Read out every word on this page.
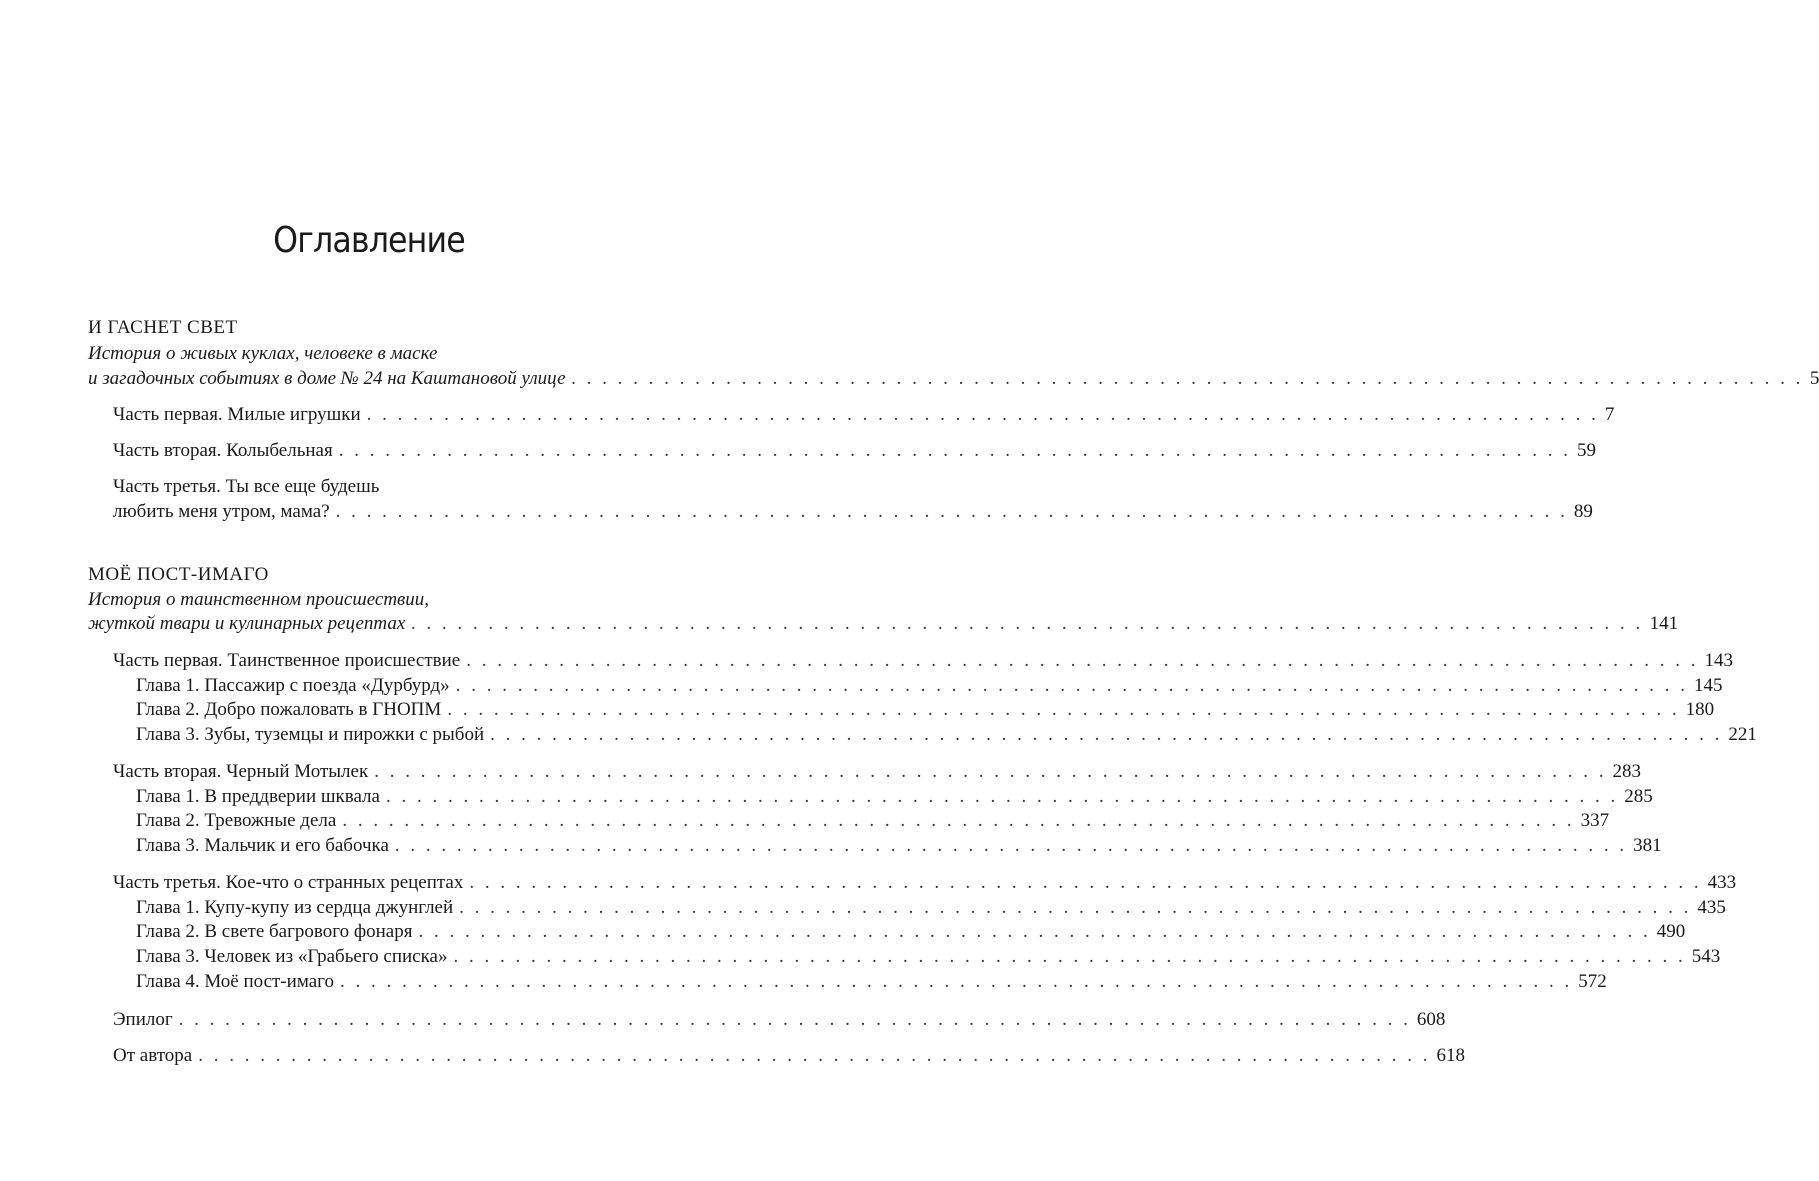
Оглавление
И ГАСНЕТ СВЕТ
История о живых куклах, человеке в маске
и загадочных событиях в доме № 24 на Каштановой улице . . . . . . . . . . . . . . . . . . . . . . . . . . . . . . . . . . . . . . . . . . . . . . . . . . . . . . . . . . . . . . . . . . . . . . . . . . . . . . . . 5
Часть первая. Милые игрушки . . . . . . . . . . . . . . . . . . . . . . . . . . . . . . . . . . . . . . . . . . . . . . . . . . . . . . . . . . . . . . . . . . . . . . . . . . . . . . . . 7
Часть вторая. Колыбельная . . . . . . . . . . . . . . . . . . . . . . . . . . . . . . . . . . . . . . . . . . . . . . . . . . . . . . . . . . . . . . . . . . . . . . . . . . . . . . . . 59
Часть третья. Ты все еще будешь
любить меня утром, мама? . . . . . . . . . . . . . . . . . . . . . . . . . . . . . . . . . . . . . . . . . . . . . . . . . . . . . . . . . . . . . . . . . . . . . . . . . . . . . . . . 89
МОЁ ПОСТ-ИМАГО
История о таинственном происшествии,
жуткой твари и кулинарных рецептах . . . . . . . . . . . . . . . . . . . . . . . . . . . . . . . . . . . . . . . . . . . . . . . . . . . . . . . . . . . . . . . . . . . . . . . . . . . . . . . . 141
Часть первая. Таинственное происшествие . . . . . . . . . . . . . . . . . . . . . . . . . . . . . . . . . . . . . . . . . . . . . . . . . . . . . . . . . . . . . . . . . . . . . . . . . . . . . . . . 143
Глава 1. Пассажир с поезда «Дурбурд» . . . . . . . . . . . . . . . . . . . . . . . . . . . . . . . . . . . . . . . . . . . . . . . . . . . . . . . . . . . . . . . . . . . . . . . . . . . . . . . . 145
Глава 2. Добро пожаловать в ГНОПМ . . . . . . . . . . . . . . . . . . . . . . . . . . . . . . . . . . . . . . . . . . . . . . . . . . . . . . . . . . . . . . . . . . . . . . . . . . . . . . . . 180
Глава 3. Зубы, туземцы и пирожки с рыбой . . . . . . . . . . . . . . . . . . . . . . . . . . . . . . . . . . . . . . . . . . . . . . . . . . . . . . . . . . . . . . . . . . . . . . . . . . . . . . . . 221
Часть вторая. Черный Мотылек . . . . . . . . . . . . . . . . . . . . . . . . . . . . . . . . . . . . . . . . . . . . . . . . . . . . . . . . . . . . . . . . . . . . . . . . . . . . . . . . 283
Глава 1. В преддверии шквала . . . . . . . . . . . . . . . . . . . . . . . . . . . . . . . . . . . . . . . . . . . . . . . . . . . . . . . . . . . . . . . . . . . . . . . . . . . . . . . . 285
Глава 2. Тревожные дела . . . . . . . . . . . . . . . . . . . . . . . . . . . . . . . . . . . . . . . . . . . . . . . . . . . . . . . . . . . . . . . . . . . . . . . . . . . . . . . . 337
Глава 3. Мальчик и его бабочка . . . . . . . . . . . . . . . . . . . . . . . . . . . . . . . . . . . . . . . . . . . . . . . . . . . . . . . . . . . . . . . . . . . . . . . . . . . . . . . . 381
Часть третья. Кое-что о странных рецептах . . . . . . . . . . . . . . . . . . . . . . . . . . . . . . . . . . . . . . . . . . . . . . . . . . . . . . . . . . . . . . . . . . . . . . . . . . . . . . . . 433
Глава 1. Купу-купу из сердца джунглей . . . . . . . . . . . . . . . . . . . . . . . . . . . . . . . . . . . . . . . . . . . . . . . . . . . . . . . . . . . . . . . . . . . . . . . . . . . . . . . . 435
Глава 2. В свете багрового фонаря . . . . . . . . . . . . . . . . . . . . . . . . . . . . . . . . . . . . . . . . . . . . . . . . . . . . . . . . . . . . . . . . . . . . . . . . . . . . . . . . 490
Глава 3. Человек из «Грабьего списка» . . . . . . . . . . . . . . . . . . . . . . . . . . . . . . . . . . . . . . . . . . . . . . . . . . . . . . . . . . . . . . . . . . . . . . . . . . . . . . . . 543
Глава 4. Моё пост-имаго . . . . . . . . . . . . . . . . . . . . . . . . . . . . . . . . . . . . . . . . . . . . . . . . . . . . . . . . . . . . . . . . . . . . . . . . . . . . . . . . 572
Эпилог . . . . . . . . . . . . . . . . . . . . . . . . . . . . . . . . . . . . . . . . . . . . . . . . . . . . . . . . . . . . . . . . . . . . . . . . . . . . . . . . 608
От автора . . . . . . . . . . . . . . . . . . . . . . . . . . . . . . . . . . . . . . . . . . . . . . . . . . . . . . . . . . . . . . . . . . . . . . . . . . . . . . . . 618
